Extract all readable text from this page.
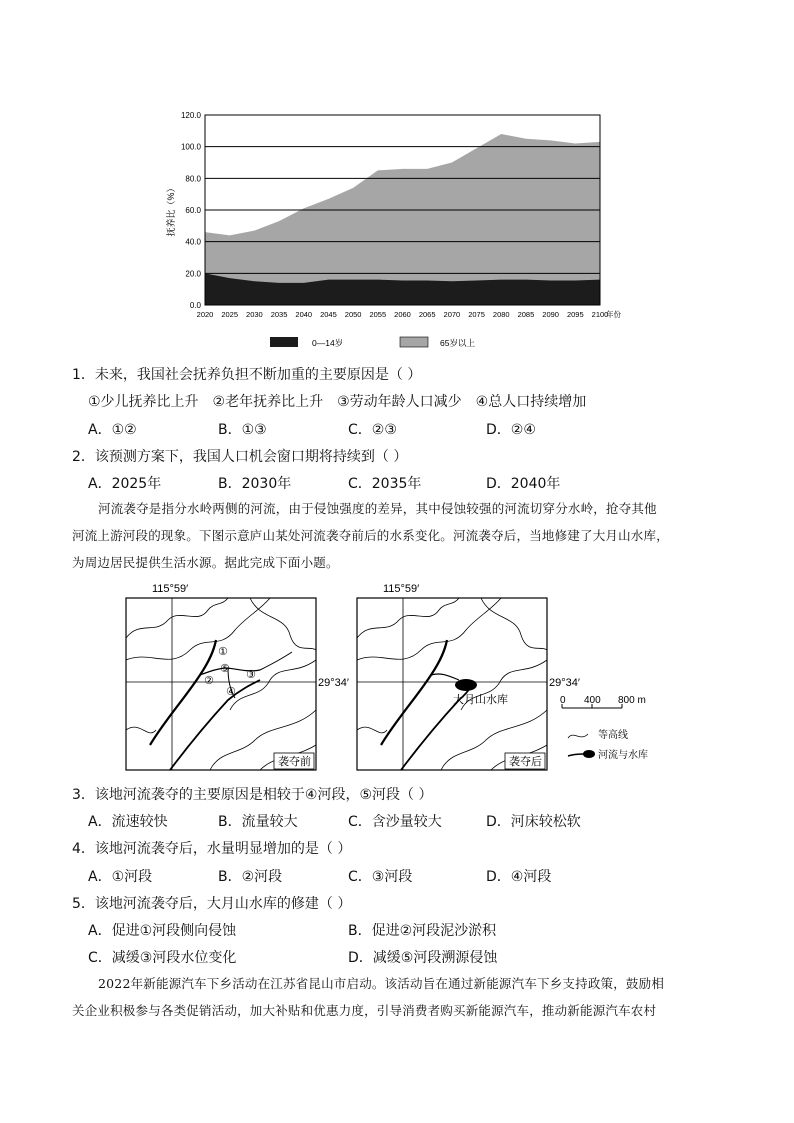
0.0
20.0
40.0
60.0
80.0
100.0
120.0
2020 2025 2030 2035 2040 2045 2050 2055 2060 2065 2070 2075 2080 2085 2090 2095 2100
年份
抚养比（%）
0—14岁	65岁以上
1．未来，我国社会抚养负担不断加重的主要原因是（ ）
①少儿抚养比上升　②老年抚养比上升　③劳动年龄人口减少　④总人口持续增加
A．①②	B．①③	C．②③	D．②④
2．该预测方案下，我国人口机会窗口期将持续到（ ）
A．2025年	B．2030年	C．2035年	D．2040年
河流袭夺是指分水岭两侧的河流，由于侵蚀强度的差异，其中侵蚀较强的河流切穿分水岭，抢夺其他
河流上游河段的现象。下图示意庐山某处河流袭夺前后的水系变化。河流袭夺后，当地修建了大月山水库，
为周边居民提供生活水源。据此完成下面小题。
115°59′
①
②	③
④
⑤
袭夺前
29°34′
115°59′
大月山水库
袭夺后
29°34′
0 400 800 m
等高线
河流与水库
3．该地河流袭夺的主要原因是相较于④河段，⑤河段（ ）
A．流速较快	B．流量较大	C．含沙量较大	D．河床较松软
4．该地河流袭夺后，水量明显增加的是（ ）
A．①河段	B．②河段	C．③河段	D．④河段
5．该地河流袭夺后，大月山水库的修建（ ）
A．促进①河段侧向侵蚀	B．促进②河段泥沙淤积
C．减缓③河段水位变化	D．减缓⑤河段溯源侵蚀
2022年新能源汽车下乡活动在江苏省昆山市启动。该活动旨在通过新能源汽车下乡支持政策，鼓励相
关企业积极参与各类促销活动，加大补贴和优惠力度，引导消费者购买新能源汽车，推动新能源汽车农村
